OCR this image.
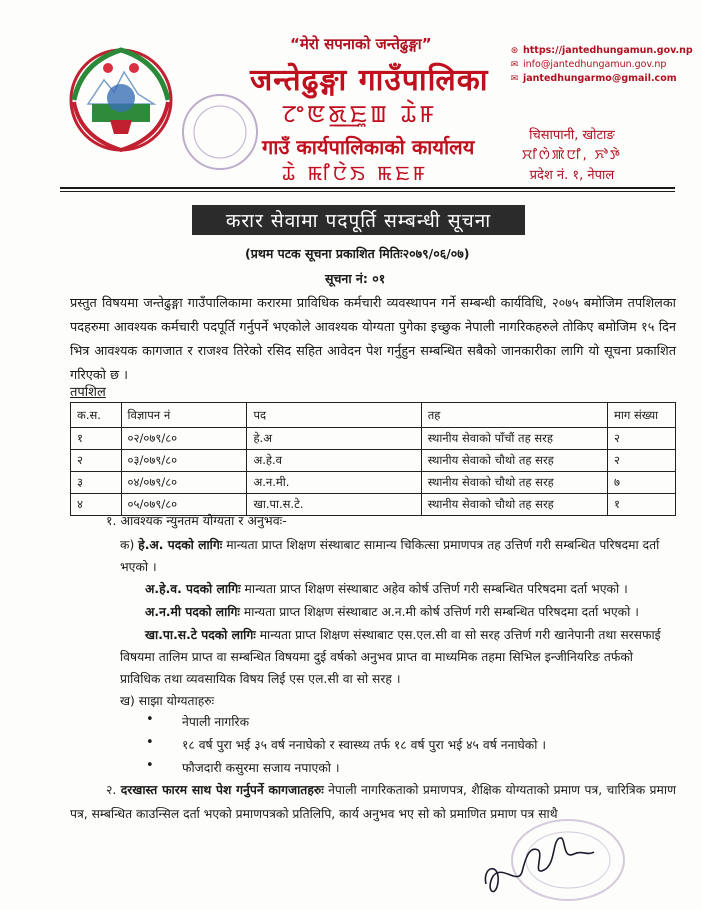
“मेरो सपनाको जन्तेढुङ्गा”
जन्तेढुङ्गा गाउँपालिका
ꯖꯦꯟꯗ꯭ꯐꯨꯡ ꯊꯥꯝ
गाउँ कार्यपालिकाको कार्यालय
ꯊꯥ ꯃꯤꯅꯥꯏ ꯃꯐꯝ
⊛ https://jantedhungamun.gov.np
✉ info@jantedhungamun.gov.np
✉ jantedhungarmo@gmail.com
चिसापानी, खोटाङ
ꯆꯤꯁꯥꯄꯥꯅꯤ, ꯈꯣꯇꯥ
प्रदेश नं. १, नेपाल
करार सेवामा पदपूर्ति सम्बन्धी सूचना
(प्रथम पटक सूचना प्रकाशित मितिः२०७९/०६/०७)
सूचना नं: ०१
प्रस्तुत विषयमा जन्तेढुङ्गा गाउँपालिकामा करारमा प्राविधिक कर्मचारी व्यवस्थापन गर्ने सम्बन्धी कार्यविधि, २०७५ बमोजिम तपशिलका पदहरुमा आवश्यक कर्मचारी पदपूर्ति गर्नुपर्ने भएकोले आवश्यक योग्यता पुगेका इच्छुक नेपाली नागरिकहरुले तोकिए बमोजिम १५ दिन भित्र आवश्यक कागजात र राजश्व तिरेको रसिद सहित आवेदन पेश गर्नुहुन सम्बन्धित सबैको जानकारीका लागि यो सूचना प्रकाशित गरिएको छ ।
तपशिल
क.स.	विज्ञापन नं	पद	तह	माग संख्या
१	०२/०७९/८०	हे.अ	स्थानीय सेवाको पाँचौं तह सरह	२
२	०३/०७९/८०	अ.हे.व	स्थानीय सेवाको चौथो तह सरह	२
३	०४/०७९/८०	अ.न.मी.	स्थानीय सेवाको चौथो तह सरह	७
४	०५/०७९/८०	खा.पा.स.टे.	स्थानीय सेवाको चौथो तह सरह	१
१. आवश्यक न्युनतम योग्यता र अनुभवः-
क) हे.अ. पदको लागिः मान्यता प्राप्त शिक्षण संस्थाबाट सामान्य चिकित्सा प्रमाणपत्र तह उत्तिर्ण गरी सम्बन्धित परिषदमा दर्ता भएको ।
अ.हे.व. पदको लागिः मान्यता प्राप्त शिक्षण संस्थाबाट अहेव कोर्ष उत्तिर्ण गरी सम्बन्धित परिषदमा दर्ता भएको ।
अ.न.मी पदको लागिः मान्यता प्राप्त शिक्षण संस्थाबाट अ.न.मी कोर्ष उत्तिर्ण गरी सम्बन्धित परिषदमा दर्ता भएको ।
खा.पा.स.टे पदको लागिः मान्यता प्राप्त शिक्षण संस्थाबाट एस.एल.सी वा सो सरह उत्तिर्ण गरी खानेपानी तथा सरसफाई विषयमा तालिम प्राप्त वा सम्बन्धित विषयमा दुई वर्षको अनुभव प्राप्त वा माध्यमिक तहमा सिभिल इन्जीनियरिङ तर्फको प्राविधिक तथा व्यवसायिक विषय लिई एस एल.सी वा सो सरह ।
ख) साझा योग्यताहरुः
• नेपाली नागरिक
• १८ वर्ष पुरा भई ३५ वर्ष ननाघेको र स्वास्थ्य तर्फ १८ वर्ष पुरा भई ४५ वर्ष ननाघेको ।
• फौजदारी कसुरमा सजाय नपाएको ।
२. दरखास्त फारम साथ पेश गर्नुपर्ने कागजातहरुः नेपाली नागरिकताको प्रमाणपत्र, शैक्षिक योग्यताको प्रमाण पत्र, चारित्रिक प्रमाण पत्र, सम्बन्धित काउन्सिल दर्ता भएको प्रमाणपत्रको प्रतिलिपि, कार्य अनुभव भए सो को प्रमाणित प्रमाण पत्र साथै
